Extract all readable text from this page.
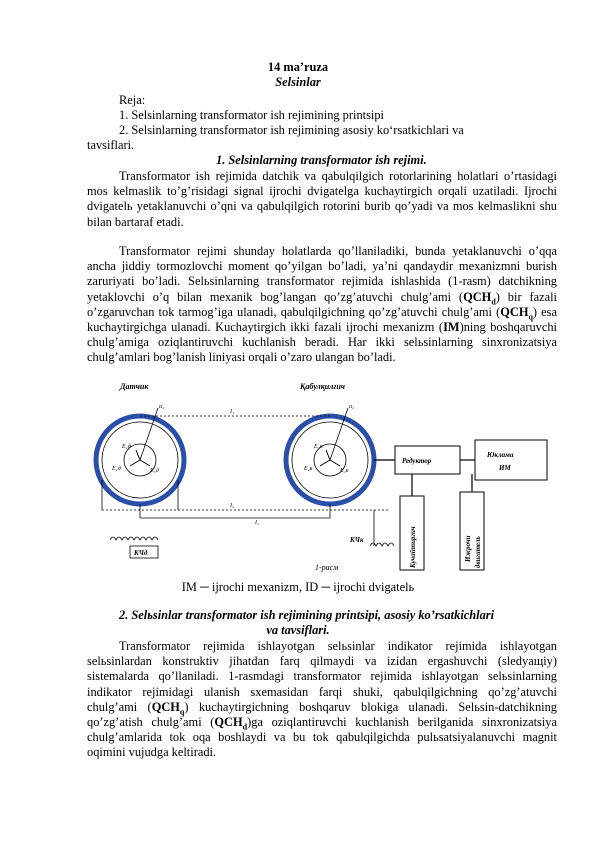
14 ma’ruza
Selsinlar
Reja:
1. Selsinlarning transformator ish rejimining printsipi
2. Selsinlarning transformator ish rejimining asosiy ko‘rsatkichlari va
tavsiflari.
1. Selsinlarning transformator ish rejimi.
Transformator ish rejimida datchik va qabulqilgich rotorlarining holatlari o’rtasidagi mos kelmaslik to’g’risidagi signal ijrochi dvigatelga kuchaytirgich orqali uzatiladi. Ijrochi dvigatelь yetaklanuvchi o’qni va qabulqilgich rotorini burib qo’yadi va mos kelmaslikni shu bilan bartaraf etadi.
Transformator rejimi shunday holatlarda qo’llaniladiki, bunda yetaklanuvchi o’qqa ancha jiddiy tormozlovchi moment qo’yilgan bo’ladi, ya’ni qandaydir mexanizmni burish zaruriyati bo’ladi. Selьsinlarning transformator rejimida ishlashida (1-rasm) datchikning yetaklovchi o’q bilan mexanik bog’langan qo’zg’atuvchi chulg’ami $(QCH_d)$ bir fazali o’zgaruvchan tok tarmog’iga ulanadi, qabulqilgichning qo’zg’atuvchi chulg’ami $(QCH_q)$ esa kuchaytirgichga ulanadi. Kuchaytirgich ikki fazali ijrochi mexanizm (IM)ning boshqaruvchi chulg’amiga oziqlantiruvchi kuchlanish beradi. Har ikki selьsinlarning sinxronizatsiya chulg’amlari bog’lanish liniyasi orqali o’zaro ulangan bo’ladi.
Датчик	Қабулқилгич
α₁
E₁д
E₂д	E₃д
α₂
E₁к
E₂к	E₃к
I₁
I₂
I₃
Редуктор
Юклама
ИМ
Кучайтиргич	Ижрочи двигатель
КЧк
КЧд
1-расм
IM ─ ijrochi mexanizm, ID ─ ijrochi dvigatelь
2. Selьsinlar transformator ish rejimining printsipi, asosiy ko’rsatkichlari
va tavsiflari.
Transformator rejimida ishlayotgan selьsinlar indikator rejimida ishlayotgan selьsinlardan konstruktiv jihatdan farq qilmaydi va izidan ergashuvchi (sledyaщiy) sistemalarda qo’llaniladi. 1-rasmdagi transformator rejimida ishlayotgan selьsinlarning indikator rejimidagi ulanish sxemasidan farqi shuki, qabulqilgichning qo’zg’atuvchi chulg’ami $(QCH_q)$ kuchaytirgichning boshqaruv blokiga ulanadi. Selьsin-datchikning qo’zg’atish chulg’ami $(QCH_d)ga$ oziqlantiruvchi kuchlanish berilganida sinxronizatsiya chulg’amlarida tok oqa boshlaydi va bu tok qabulqilgichda pulьsatsiyalanuvchi magnit oqimini vujudga keltiradi.
